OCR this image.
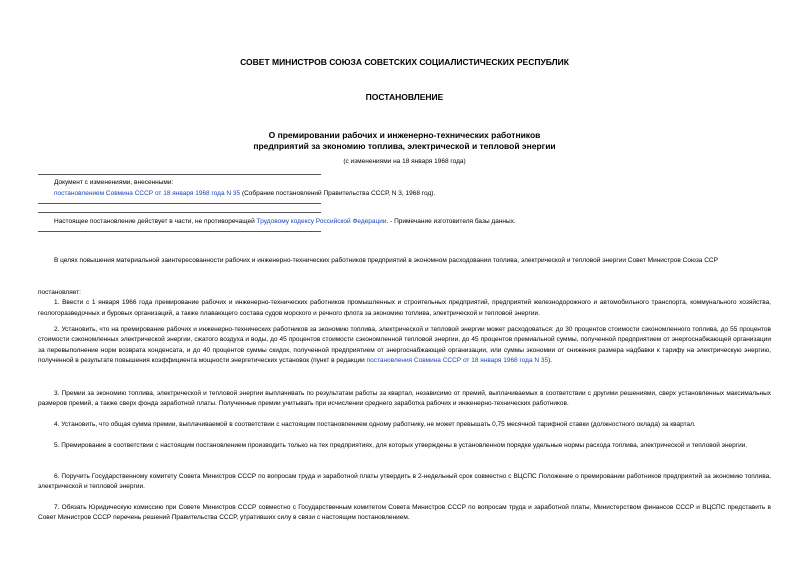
СОВЕТ МИНИСТРОВ СОЮЗА СОВЕТСКИХ СОЦИАЛИСТИЧЕСКИХ РЕСПУБЛИК
ПОСТАНОВЛЕНИЕ
О премировании рабочих и инженерно-технических работников
предприятий за экономию топлива, электрической и тепловой энергии
(с изменениями на 18 января 1968 года)
Документ с изменениями, внесенными:
постановлением Совмина СССР от 18 января 1968 года N 35 (Собрание постановлений Правительства СССР, N 3, 1968 год).
Настоящее постановление действует в части, не противоречащей Трудовому кодексу Российской Федерации. - Примечание изготовителя базы данных.

В целях повышения материальной заинтересованности рабочих и инженерно-технических работников предприятий в экономном расходовании топлива, электрической и тепловой энергии Совет Министров Союза ССР

постановляет:

1. Ввести с 1 января 1966 года премирование рабочих и инженерно-технических работников промышленных и строительных предприятий, предприятий железнодорожного и автомобильного транспорта, коммунального хозяйства, геологоразведочных и буровых организаций, а также плавающего состава судов морского и речного флота за экономию топлива, электрической и тепловой энергии.

2. Установить, что на премирование рабочих и инженерно-технических работников за экономию топлива, электрической и тепловой энергии может расходоваться: до 30 процентов стоимости сэкономленного топлива, до 55 процентов стоимости сэкономленных электрической энергии, сжатого воздуха и воды, до 45 процентов стоимости сэкономленной тепловой энергии, до 45 процентов премиальной суммы, полученной предприятием от энергоснабжающей организации за перевыполнение норм возврата конденсата, и до 40 процентов суммы скидок, полученной предприятием от энергоснабжающей организации, или суммы экономии от снижения размера надбавки к тарифу на электрическую энергию, полученной в результате повышения коэффициента мощности энергетических установок (пункт в редакции постановления Совмина СССР от 18 января 1968 года N 35).

3. Премии за экономию топлива, электрической и тепловой энергии выплачивать по результатам работы за квартал, независимо от премий, выплачиваемых в соответствии с другими решениями, сверх установленных максимальных размеров премий, а также сверх фонда заработной платы. Полученные премии учитывать при исчислении среднего заработка рабочих и инженерно-технических работников.

4. Установить, что общая сумма премии, выплачиваемой в соответствии с настоящим постановлением одному работнику, не может превышать 0,75 месячной тарифной ставки (должностного оклада) за квартал.

5. Премирование в соответствии с настоящим постановлением производить только на тех предприятиях, для которых утверждены в установленном порядке удельные нормы расхода топлива, электрической и тепловой энергии.

6. Поручить Государственному комитету Совета Министров СССР по вопросам труда и заработной платы утвердить в 2-недельный срок совместно с ВЦСПС Положение о премировании работников предприятий за экономию топлива, электрической и тепловой энергии.

7. Обязать Юридическую комиссию при Совете Министров СССР совместно с Государственным комитетом Совета Министров СССР по вопросам труда и заработной платы, Министерством финансов СССР и ВЦСПС представить в Совет Министров СССР перечень решений Правительства СССР, утративших силу в связи с настоящим постановлением.
